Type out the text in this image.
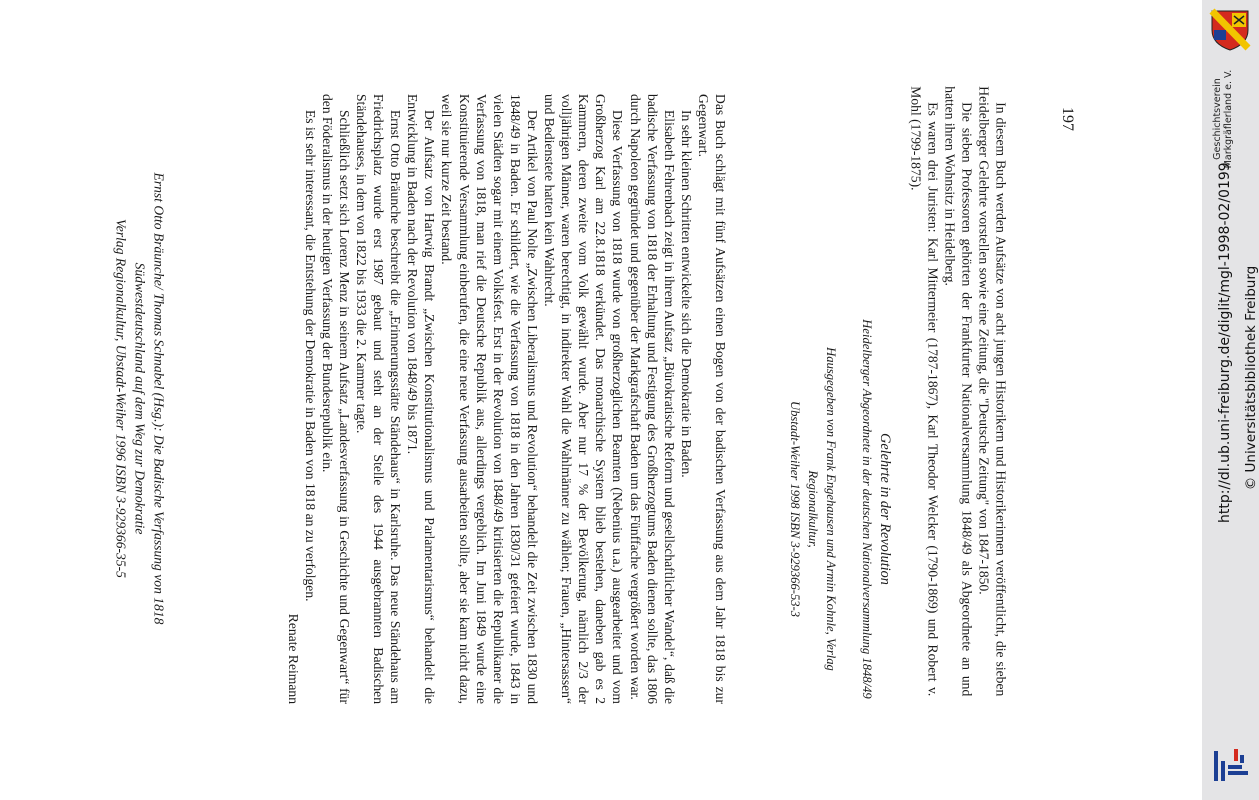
Ernst Otto Bräunche/ Thomas Schnabel (Hsg.): Die Badische Verfassung von 1818
Südwestdeutschland auf dem Weg zur Demokratie
Verlag Regionalkultur, Ubstadt-Weiher 1996 ISBN 3-929366-35-5	Das Buch schlägt mit fünf Aufsätzen einen Bogen von der badischen Verfassung aus dem Jahr 1818 bis zur Gegenwart.

In sehr kleinen Schritten entwickelte sich die Demokratie in Baden.

Elisabeth Fehrenbach zeigt in ihrem Aufsatz „Bürokratische Reform und gesellschaftlicher Wandel“, daß die badische Verfassung von 1818 der Erhaltung und Festigung des Großherzogtums Baden dienen sollte, das 1806 durch Napoleon gegründet und gegenüber der Markgrafschaft Baden um das Fünffache vergrößert worden war.

Diese Verfassung von 1818 wurde von großherzoglichen Beamten (Nebenius u.a.) ausgearbeitet und vom Großherzog Karl am 22.8.1818 verkündet. Das monarchische System blieb bestehen, daneben gab es 2 Kammern, deren zweite vom Volk gewählt wurde. Aber nur 17 % der Bevölkerung, nämlich 2/3 der volljährigen Männer, waren berechtigt, in indirekter Wahl die Wahlmänner zu wählen; Frauen, „Hintersassen“ und Bedienstete hatten kein Wahlrecht.

Der Artikel von Paul Nolte „Zwischen Liberalismus und Revolution“ behandelt die Zeit zwischen 1830 und 1848/49 in Baden. Er schildert, wie die Verfassung von 1818 in den Jahren 1830/31 gefeiert wurde, 1843 in vielen Städten sogar mit einem Volksfest. Erst in der Revolution von 1848/49 kritisierten die Republikaner die Verfassung von 1818, man rief die Deutsche Republik aus, allerdings vergeblich. Im Juni 1849 wurde eine Konstituierende Versammlung einberufen, die eine neue Verfassung ausarbeiten sollte, aber sie kam nicht dazu, weil sie nur kurze Zeit bestand.

Der Aufsatz von Hartwig Brandt „Zwischen Konstitutionalismus und Parlamentarismus“ behandelt die Entwicklung in Baden nach der Revolution von 1848/49 bis 1871.

Ernst Otto Bräunche beschreibt die „Erinnerungsstätte Ständehaus“ in Karlsruhe. Das neue Ständehaus am Friedrichsplatz wurde erst 1987 gebaut und steht an der Stelle des 1944 ausgebrannten Badischen Ständehauses, in dem von 1822 bis 1933 die 2. Kammer tagte.

Schließlich setzt sich Lorenz Menz in seinem Aufsatz „Landesverfassung in Geschichte und Gegenwart“ für den Föderalismus in der heutigen Verfassung der Bundesrepublik ein.

Es ist sehr interessant, die Entstehung der Demokratie in Baden von 1818 an zu verfolgen.

Renate Reimann

Gelehrte in der Revolution
Heidelberger Abgeordnete in der deutschen Nationalversammlung 1848/49
Hausgegeben von Frank Engehausen und Armin Kohnle, Verlag Regionalkultur,
Ubstadt-Weiher 1998 ISBN 3-929366-53-3	In diesem Buch werden Aufsätze von acht jungen Historikern und Historikerinnen veröffentlicht, die sieben Heidelberger Gelehrte vorstellen sowie eine Zeitung, die "Deutsche Zeitung" von 1847-1850.

Die sieben Professoren gehörten der Frankfurter Nationalversammlung 1848/49 als Abgeordnete an und hatten ihren Wohnsitz in Heidelberg.

Es waren drei Juristen: Karl Mittermeier (1787-1867), Karl Theodor Welcker (1790-1869) und Robert v. Mohl (1799-1875).	197	Geschichtsverein Markgräflerland e. V.
http://dl.ub.uni-freiburg.de/diglit/mgl-1998-02/0199 © Universitätsbibliothek Freiburg
